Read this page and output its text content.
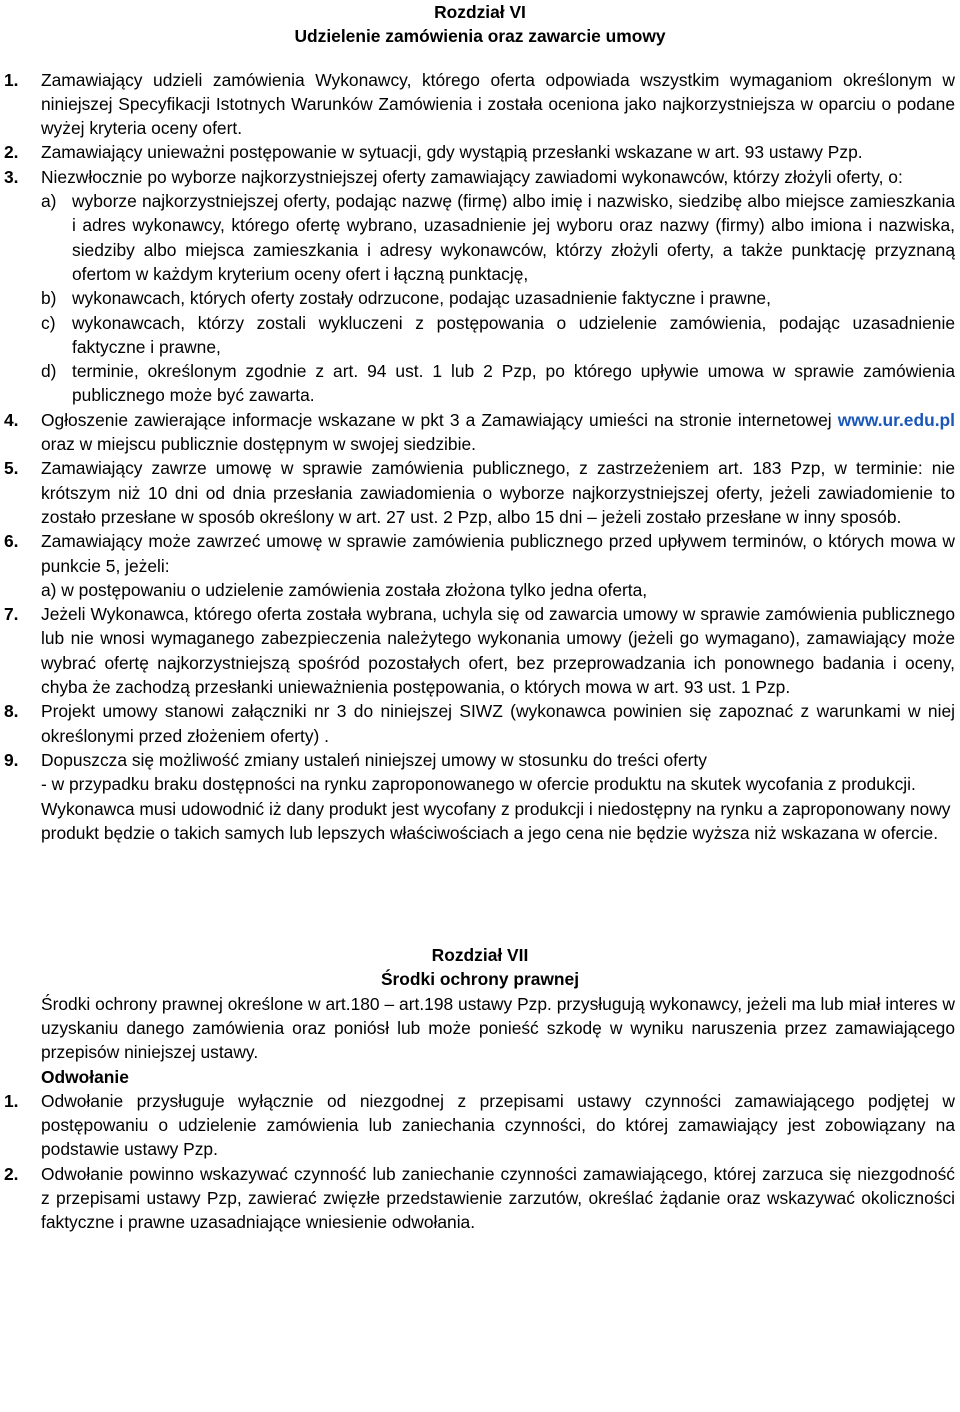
Rozdział VI

Udzielenie zamówienia oraz zawarcie umowy

1. Zamawiający udzieli zamówienia Wykonawcy, którego oferta odpowiada wszystkim wymaganiom określonym w niniejszej Specyfikacji Istotnych Warunków Zamówienia i została oceniona jako najkorzystniejsza w oparciu o podane wyżej kryteria oceny ofert.
2. Zamawiający unieważni postępowanie w sytuacji, gdy wystąpią przesłanki wskazane w art. 93 ustawy Pzp.
3. Niezwłocznie po wyborze najkorzystniejszej oferty zamawiający zawiadomi wykonawców, którzy złożyli oferty, o:
a) wyborze najkorzystniejszej oferty, podając nazwę (firmę) albo imię i nazwisko, siedzibę albo miejsce zamieszkania i adres wykonawcy, którego ofertę wybrano, uzasadnienie jej wyboru oraz nazwy (firmy) albo imiona i nazwiska, siedziby albo miejsca zamieszkania i adresy wykonawców, którzy złożyli oferty, a także punktację przyznaną ofertom w każdym kryterium oceny ofert i łączną punktację,
b) wykonawcach, których oferty zostały odrzucone, podając uzasadnienie faktyczne i prawne,
c) wykonawcach, którzy zostali wykluczeni z postępowania o udzielenie zamówienia, podając uzasadnienie faktyczne i prawne,
d) terminie, określonym zgodnie z art. 94 ust. 1 lub 2 Pzp, po którego upływie umowa w sprawie zamówienia publicznego może być zawarta.
4. Ogłoszenie zawierające informacje wskazane w pkt 3 a Zamawiający umieści na stronie internetowej www.ur.edu.pl  oraz w miejscu publicznie dostępnym w swojej siedzibie.
5. Zamawiający zawrze umowę w sprawie zamówienia publicznego, z zastrzeżeniem art. 183 Pzp, w terminie: nie krótszym niż 10 dni od dnia przesłania zawiadomienia o wyborze najkorzystniejszej oferty, jeżeli zawiadomienie to zostało przesłane w sposób określony w art. 27 ust. 2 Pzp, albo 15 dni – jeżeli zostało przesłane w inny sposób.
6. Zamawiający może zawrzeć umowę w sprawie zamówienia publicznego przed upływem terminów, o których mowa w punkcie 5, jeżeli:
a) w postępowaniu o udzielenie zamówienia została złożona tylko jedna oferta,
7. Jeżeli Wykonawca, którego oferta została wybrana, uchyla się od zawarcia umowy w sprawie zamówienia publicznego lub nie wnosi wymaganego zabezpieczenia należytego wykonania umowy (jeżeli go wymagano), zamawiający może wybrać ofertę najkorzystniejszą spośród pozostałych ofert, bez przeprowadzania ich ponownego badania i oceny, chyba że zachodzą przesłanki unieważnienia postępowania, o których mowa w art. 93 ust. 1 Pzp.
8. Projekt umowy stanowi załączniki nr 3 do niniejszej SIWZ (wykonawca powinien się zapoznać z warunkami w niej określonymi przed złożeniem oferty) .
9. Dopuszcza się możliwość zmiany ustaleń niniejszej umowy w stosunku do treści oferty
- w przypadku braku dostępności na rynku zaproponowanego w ofercie produktu na skutek wycofania z produkcji. Wykonawca musi udowodnić iż dany produkt jest wycofany z produkcji i niedostępny na rynku a zaproponowany nowy produkt będzie o takich samych lub lepszych właściwościach a jego cena nie będzie wyższa niż wskazana w ofercie.

Rozdział VII

Środki ochrony prawnej

Środki ochrony prawnej określone w art.180 – art.198 ustawy Pzp. przysługują wykonawcy, jeżeli ma lub miał interes w uzyskaniu danego zamówienia oraz poniósł lub może ponieść szkodę w wyniku naruszenia przez zamawiającego przepisów niniejszej ustawy.
Odwołanie
1. Odwołanie przysługuje wyłącznie od niezgodnej z przepisami ustawy czynności zamawiającego podjętej w postępowaniu o udzielenie zamówienia lub zaniechania czynności, do której zamawiający jest zobowiązany na podstawie ustawy Pzp.
2. Odwołanie powinno wskazywać czynność lub zaniechanie czynności zamawiającego, której zarzuca się niezgodność z przepisami ustawy Pzp, zawierać zwięzłe przedstawienie zarzutów, określać żądanie oraz wskazywać okoliczności faktyczne i prawne uzasadniające wniesienie odwołania.
